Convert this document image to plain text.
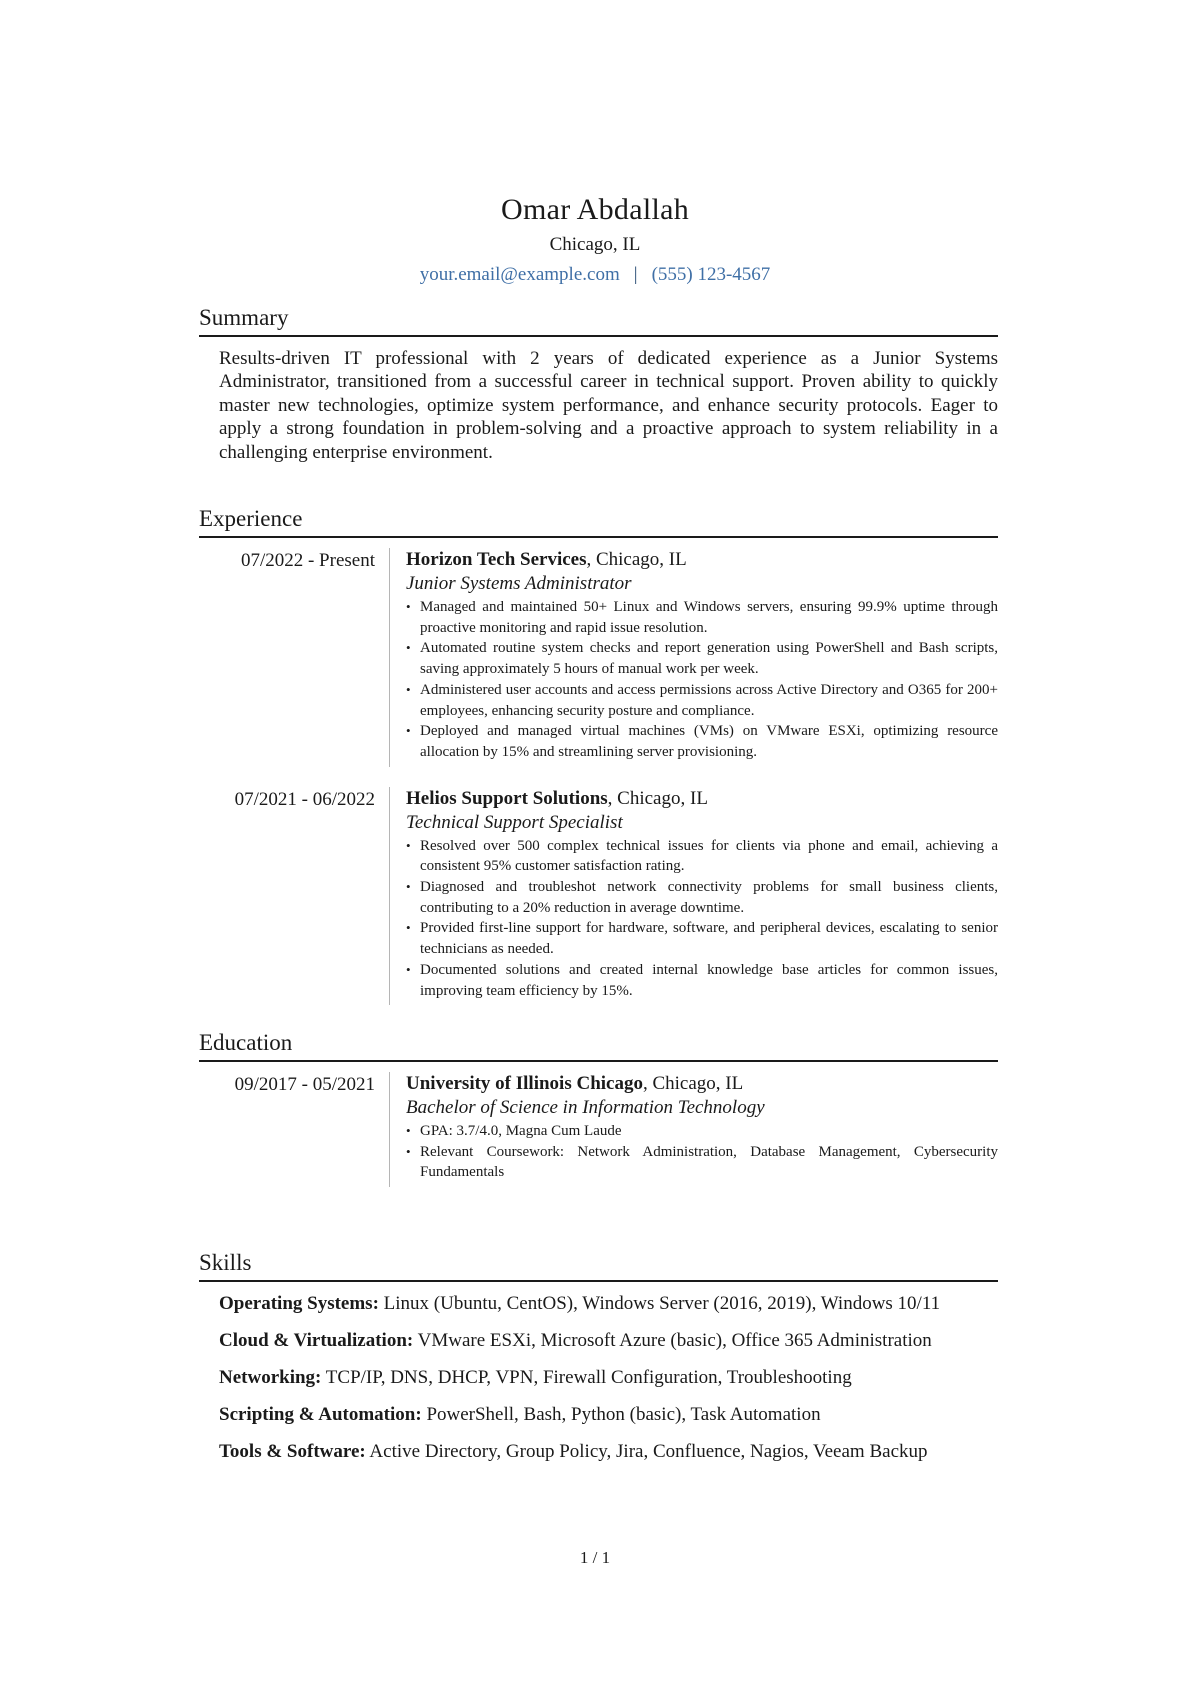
Omar Abdallah
Chicago, IL
your.email@example.com | (555) 123-4567
Summary

Results-driven IT professional with 2 years of dedicated experience as a Junior Systems Administrator, transitioned from a successful career in technical support. Proven ability to quickly master new technologies, optimize system performance, and enhance security protocols. Eager to apply a strong foundation in problem-solving and a proactive approach to system reliability in a challenging enterprise environment.

Experience
07/2022 - Present Horizon Tech Services, Chicago, IL
Junior Systems Administrator
• Managed and maintained 50+ Linux and Windows servers, ensuring 99.9% uptime through proactive monitoring and rapid issue resolution.
• Automated routine system checks and report generation using PowerShell and Bash scripts, saving approximately 5 hours of manual work per week.
• Administered user accounts and access permissions across Active Directory and O365 for 200+ employees, enhancing security posture and compliance.
• Deployed and managed virtual machines (VMs) on VMware ESXi, optimizing resource allocation by 15% and streamlining server provisioning.
07/2021 - 06/2022 Helios Support Solutions, Chicago, IL
Technical Support Specialist
• Resolved over 500 complex technical issues for clients via phone and email, achieving a consistent 95% customer satisfaction rating.
• Diagnosed and troubleshot network connectivity problems for small business clients, contributing to a 20% reduction in average downtime.
• Provided first-line support for hardware, software, and peripheral devices, escalating to senior technicians as needed.
• Documented solutions and created internal knowledge base articles for common issues, improving team efficiency by 15%.
Education
09/2017 - 05/2021 University of Illinois Chicago, Chicago, IL
Bachelor of Science in Information Technology
• GPA: 3.7/4.0, Magna Cum Laude
• Relevant Coursework: Network Administration, Database Management, Cybersecurity Fundamentals
Skills
Operating Systems: Linux (Ubuntu, CentOS), Windows Server (2016, 2019), Windows 10/11
Cloud & Virtualization: VMware ESXi, Microsoft Azure (basic), Office 365 Administration
Networking: TCP/IP, DNS, DHCP, VPN, Firewall Configuration, Troubleshooting
Scripting & Automation: PowerShell, Bash, Python (basic), Task Automation
Tools & Software: Active Directory, Group Policy, Jira, Confluence, Nagios, Veeam Backup
1 / 1
